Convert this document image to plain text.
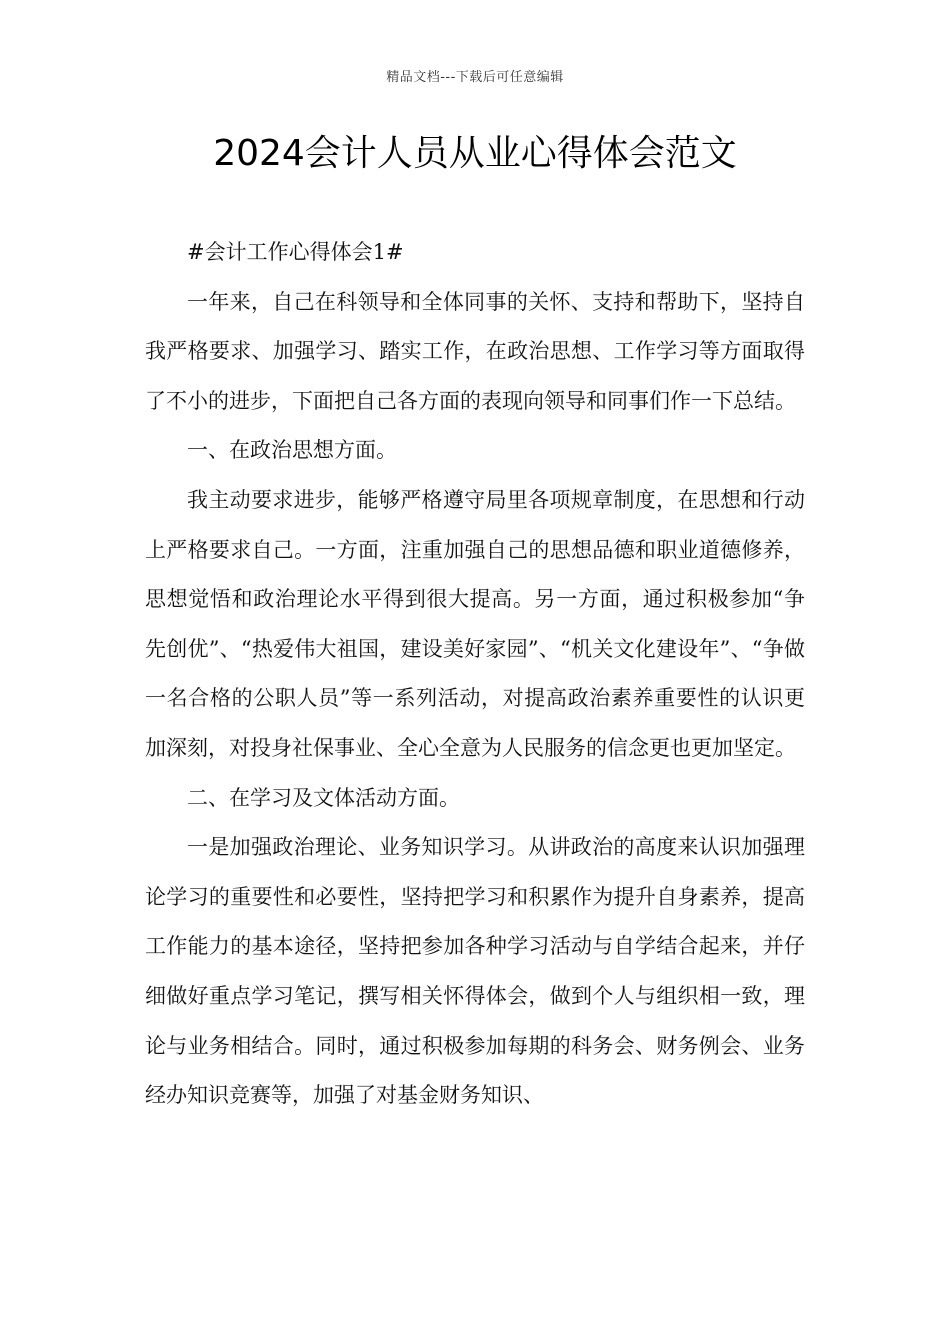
精品文档---下载后可任意编辑
2024会计人员从业心得体会范文

#会计工作心得体会1#

一年来，自己在科领导和全体同事的关怀、支持和帮助下，坚持自我严格要求、加强学习、踏实工作，在政治思想、工作学习等方面取得了不小的进步，下面把自己各方面的表现向领导和同事们作一下总结。

一、在政治思想方面。

我主动要求进步，能够严格遵守局里各项规章制度，在思想和行动上严格要求自己。一方面，注重加强自己的思想品德和职业道德修养，思想觉悟和政治理论水平得到很大提高。另一方面，通过积极参加“争先创优”、“热爱伟大祖国，建设美好家园”、“机关文化建设年”、“争做一名合格的公职人员”等一系列活动，对提高政治素养重要性的认识更加深刻，对投身社保事业、全心全意为人民服务的信念更也更加坚定。

二、在学习及文体活动方面。

一是加强政治理论、业务知识学习。从讲政治的高度来认识加强理论学习的重要性和必要性，坚持把学习和积累作为提升自身素养，提高工作能力的基本途径，坚持把参加各种学习活动与自学结合起来，并仔细做好重点学习笔记，撰写相关怀得体会，做到个人与组织相一致，理论与业务相结合。同时，通过积极参加每期的科务会、财务例会、业务经办知识竞赛等，加强了对基金财务知识、
